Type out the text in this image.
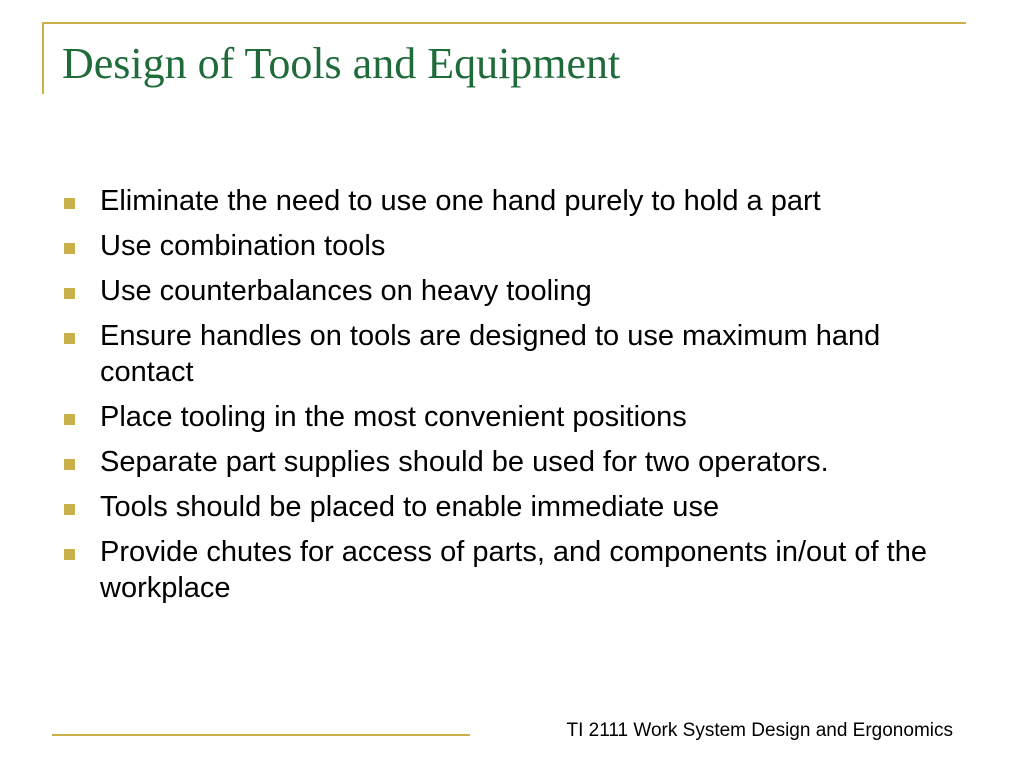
Design of Tools and Equipment
Eliminate the need to use one hand purely to hold a part
Use combination tools
Use counterbalances on heavy tooling
Ensure handles on tools are designed to use maximum hand contact
Place tooling in the most convenient positions
Separate part supplies should be used for two operators.
Tools should be placed to enable immediate use
Provide chutes for access of parts, and components in/out of the workplace
TI 2111 Work System Design and Ergonomics
